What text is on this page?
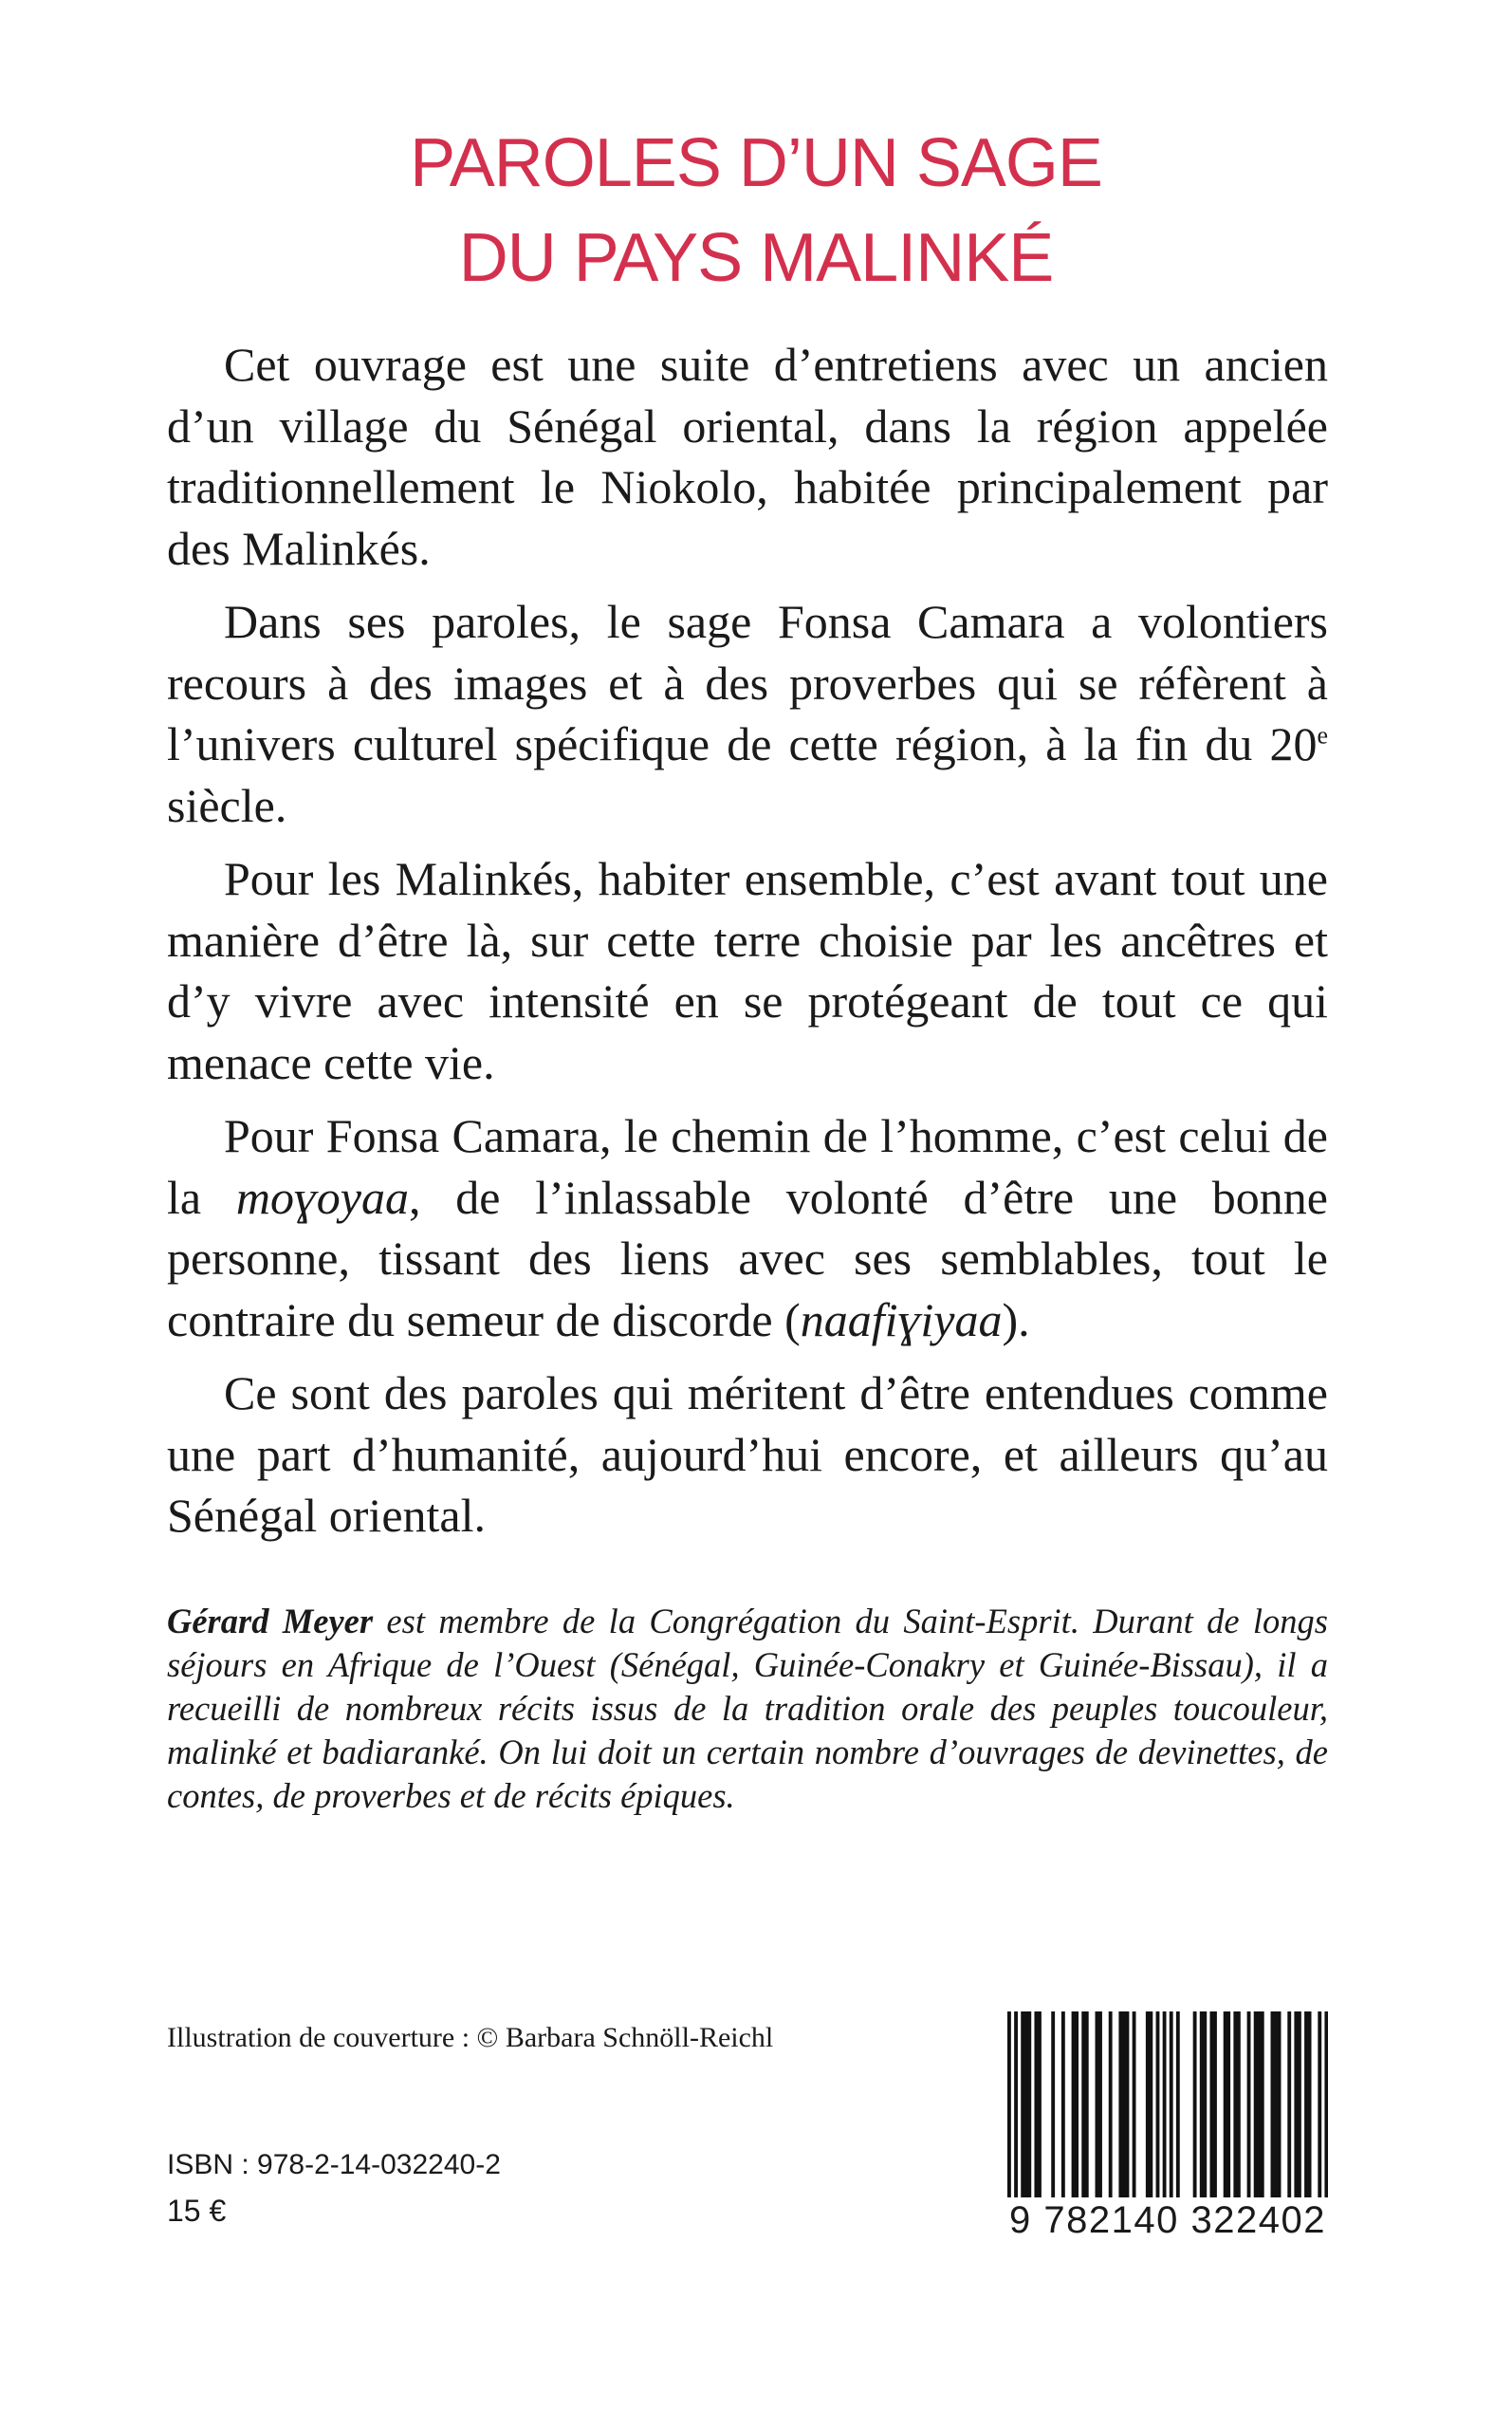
PAROLES D’UN SAGE
DU PAYS MALINKÉ

Cet ouvrage est une suite d’entretiens avec un ancien d’un village du Sénégal oriental, dans la région appelée traditionnellement le Niokolo, habitée principalement par des Malinkés.

Dans ses paroles, le sage Fonsa Camara a volontiers recours à des images et à des proverbes qui se réfèrent à l’univers culturel spécifique de cette région, à la fin du 20e siècle.

Pour les Malinkés, habiter ensemble, c’est avant tout une manière d’être là, sur cette terre choisie par les ancêtres et d’y vivre avec intensité en se protégeant de tout ce qui menace cette vie.

Pour Fonsa Camara, le chemin de l’homme, c’est celui de la moɣoyaa, de l’inlassable volonté d’être une bonne personne, tissant des liens avec ses semblables, tout le contraire du semeur de discorde (naafiɣiyaa).

Ce sont des paroles qui méritent d’être entendues comme une part d’humanité, aujourd’hui encore, et ailleurs qu’au Sénégal oriental.

Gérard Meyer est membre de la Congrégation du Saint-Esprit. Durant de longs séjours en Afrique de l’Ouest (Sénégal, Guinée-Conakry et Guinée-Bissau), il a recueilli de nombreux récits issus de la tradition orale des peuples toucouleur, malinké et badiaranké. On lui doit un certain nombre d’ouvrages de devinettes, de contes, de proverbes et de récits épiques.

Illustration de couverture : © Barbara Schnöll-Reichl
ISBN : 978-2-14-032240-2
15 €	9 782140 322402
